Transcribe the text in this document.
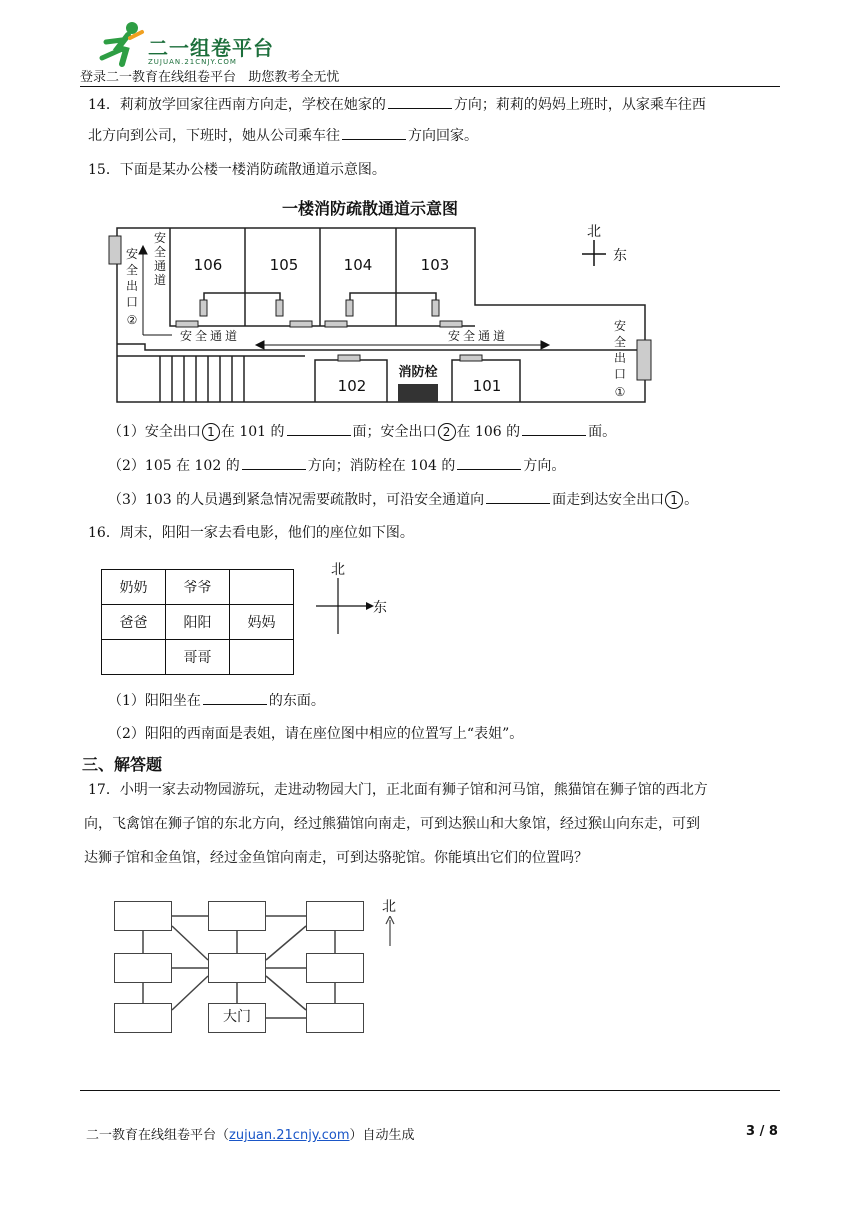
二一组卷平台
ZUJUAN.21CNJY.COM
登录二一教育在线组卷平台   助您教考全无忧
14．莉莉放学回家往西南方向走，学校在她家的	方向；莉莉的妈妈上班时，从家乘车往西
北方向到公司，下班时，她从公司乘车往	方向回家。
15．下面是某办公楼一楼消防疏散通道示意图。
一楼消防疏散通道示意图
106	105	104	103
102	101
消防栓
安全通道	安全通道
安
全
通
道
安
全
出
口
②	安
全
出
口
①
北
东
（1）安全出口 1 在 101 的	面；安全出口 2 在 106 的	面。
（2）105 在 102 的	方向；消防栓在 104 的	方向。
（3）103 的人员遇到紧急情况需要疏散时，可沿安全通道向	面走到达安全出口 1 。
16．周末，阳阳一家去看电影，他们的座位如下图。
奶奶	爷爷	
爸爸	阳阳	妈妈
	哥哥	
北
东
（1）阳阳坐在	的东面。
（2）阳阳的西南面是表姐，请在座位图中相应的位置写上“表姐”。
三、解答题
17．小明一家去动物园游玩，走进动物园大门，正北面有狮子馆和河马馆，熊猫馆在狮子馆的西北方
向，飞禽馆在狮子馆的东北方向，经过熊猫馆向南走，可到达猴山和大象馆，经过猴山向东走，可到
达狮子馆和金鱼馆，经过金鱼馆向南走，可到达骆驼馆。你能填出它们的位置吗？
大门
北
二一教育在线组卷平台（zujuan.21cnjy.com）自动生成	3 / 8
